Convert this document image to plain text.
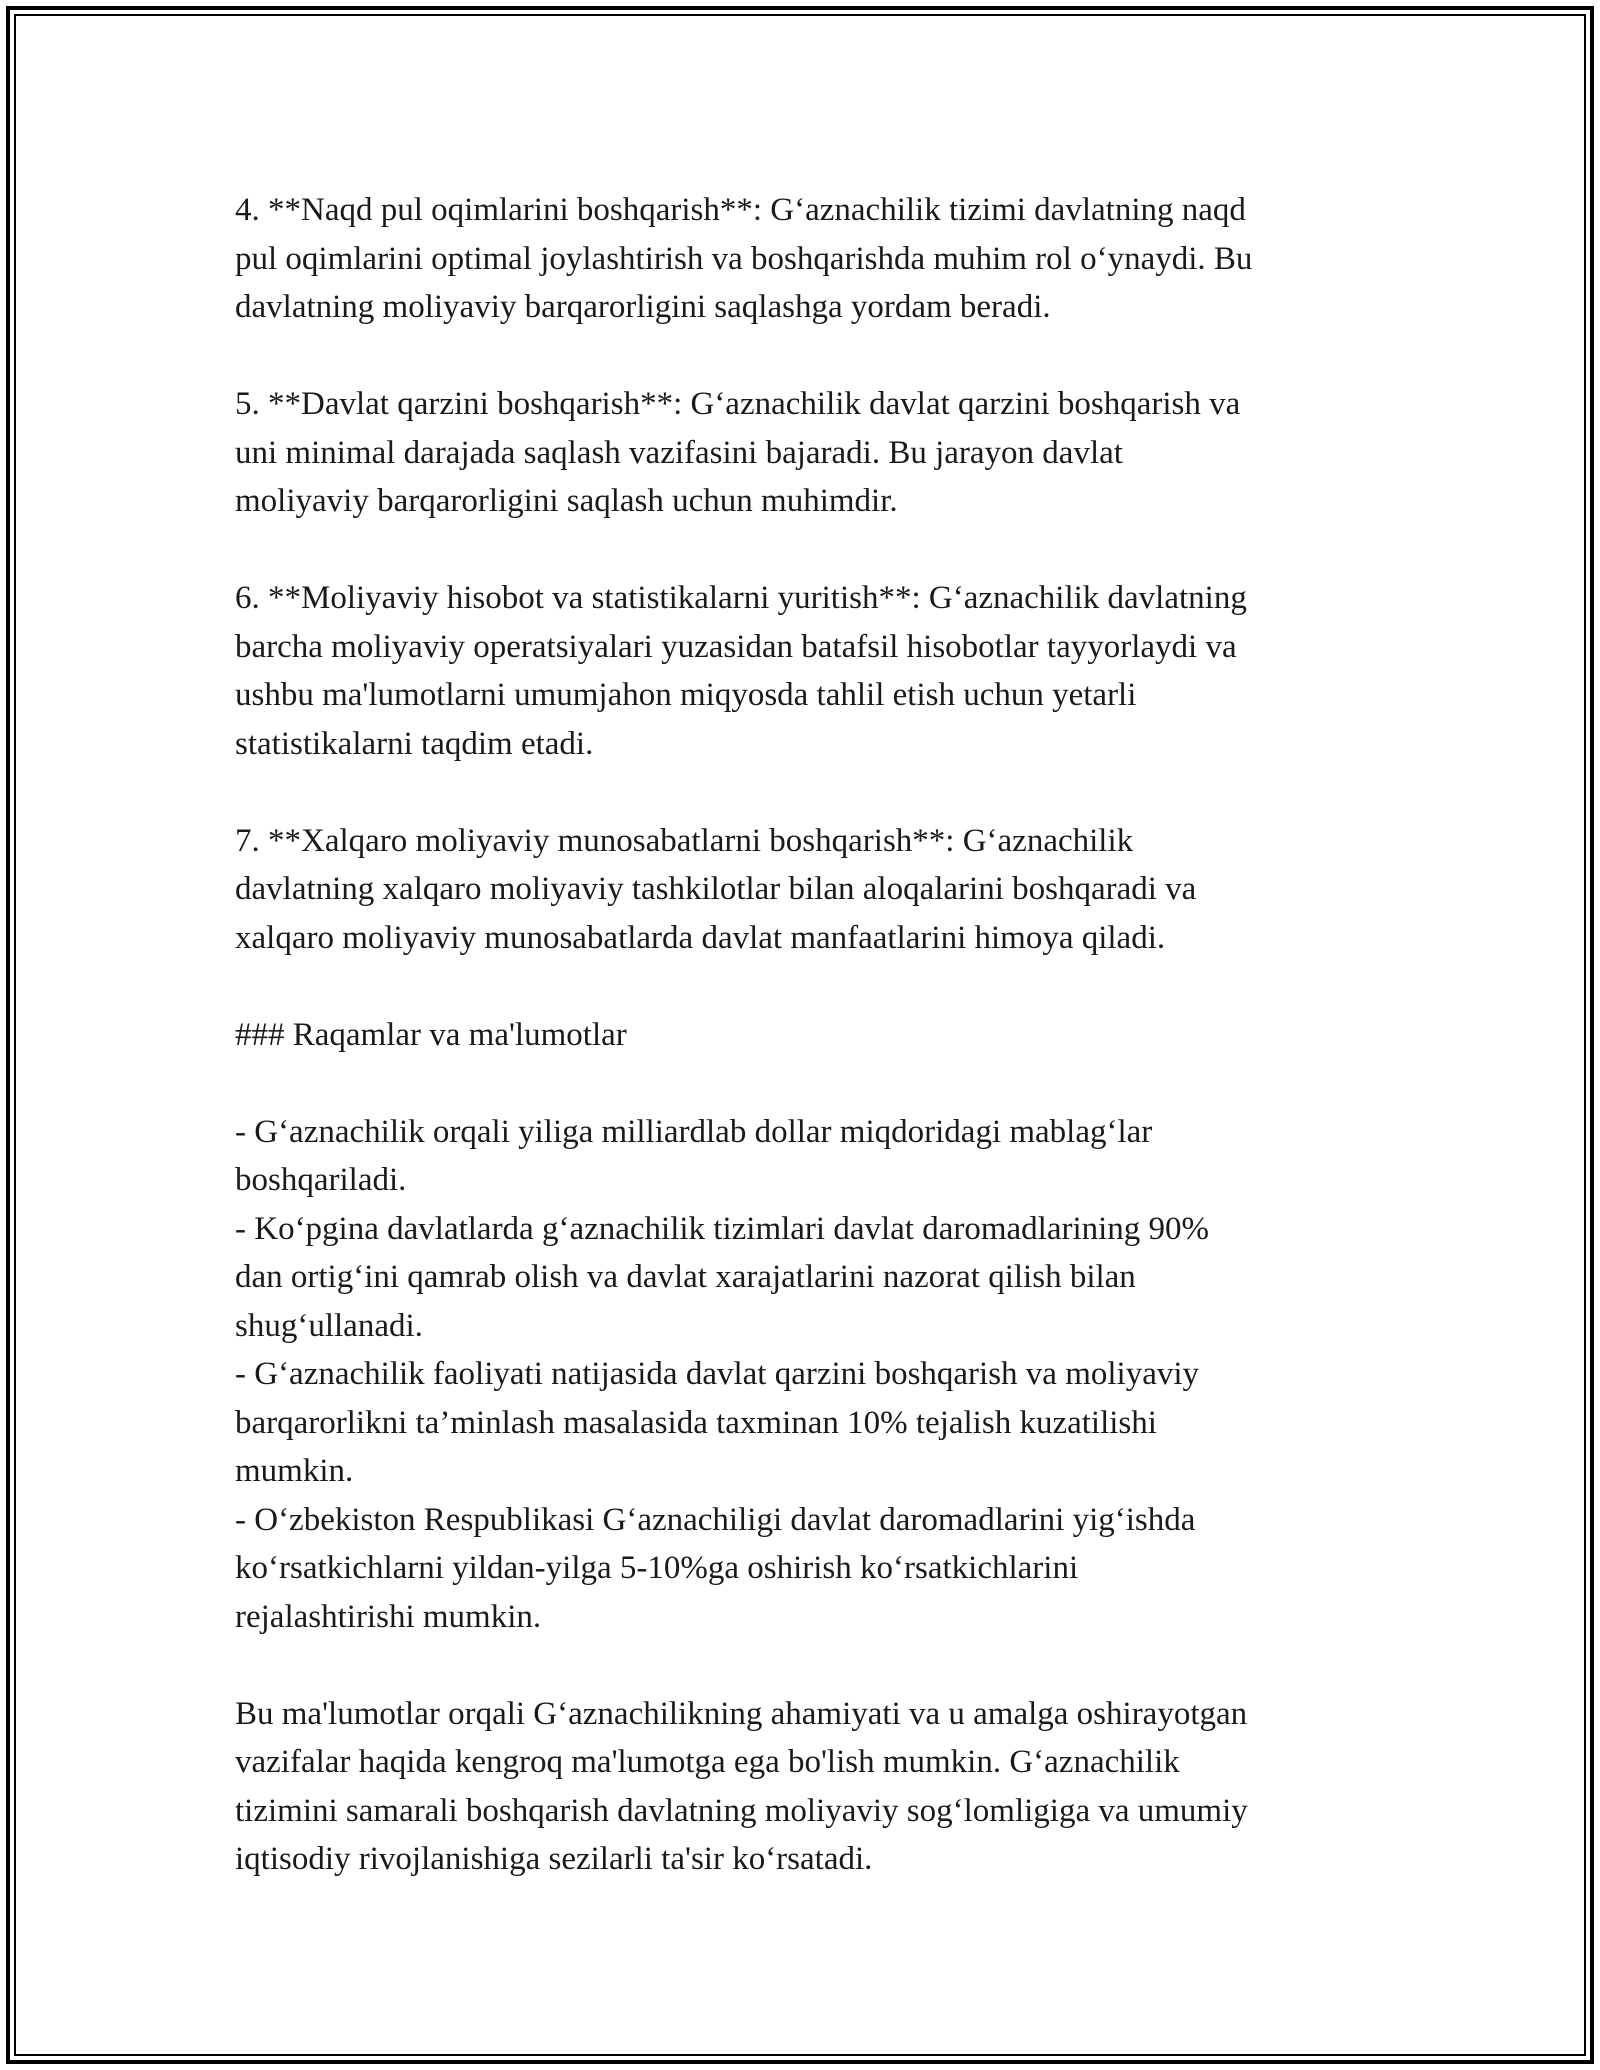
4. **Naqd pul oqimlarini boshqarish**: G‘aznachilik tizimi davlatning naqd
pul oqimlarini optimal joylashtirish va boshqarishda muhim rol o‘ynaydi. Bu
davlatning moliyaviy barqarorligini saqlashga yordam beradi.
5. **Davlat qarzini boshqarish**: G‘aznachilik davlat qarzini boshqarish va
uni minimal darajada saqlash vazifasini bajaradi. Bu jarayon davlat
moliyaviy barqarorligini saqlash uchun muhimdir.
6. **Moliyaviy hisobot va statistikalarni yuritish**: G‘aznachilik davlatning
barcha moliyaviy operatsiyalari yuzasidan batafsil hisobotlar tayyorlaydi va
ushbu ma'lumotlarni umumjahon miqyosda tahlil etish uchun yetarli
statistikalarni taqdim etadi.
7. **Xalqaro moliyaviy munosabatlarni boshqarish**: G‘aznachilik
davlatning xalqaro moliyaviy tashkilotlar bilan aloqalarini boshqaradi va
xalqaro moliyaviy munosabatlarda davlat manfaatlarini himoya qiladi.
### Raqamlar va ma'lumotlar
- G‘aznachilik orqali yiliga milliardlab dollar miqdoridagi mablag‘lar
boshqariladi.
- Ko‘pgina davlatlarda g‘aznachilik tizimlari davlat daromadlarining 90%
dan ortig‘ini qamrab olish va davlat xarajatlarini nazorat qilish bilan
shug‘ullanadi.
- G‘aznachilik faoliyati natijasida davlat qarzini boshqarish va moliyaviy
barqarorlikni ta’minlash masalasida taxminan 10% tejalish kuzatilishi
mumkin.
- O‘zbekiston Respublikasi G‘aznachiligi davlat daromadlarini yig‘ishda
ko‘rsatkichlarni yildan-yilga 5-10%ga oshirish ko‘rsatkichlarini
rejalashtirishi mumkin.
Bu ma'lumotlar orqali G‘aznachilikning ahamiyati va u amalga oshirayotgan
vazifalar haqida kengroq ma'lumotga ega bo'lish mumkin. G‘aznachilik
tizimini samarali boshqarish davlatning moliyaviy sog‘lomligiga va umumiy
iqtisodiy rivojlanishiga sezilarli ta'sir ko‘rsatadi.
